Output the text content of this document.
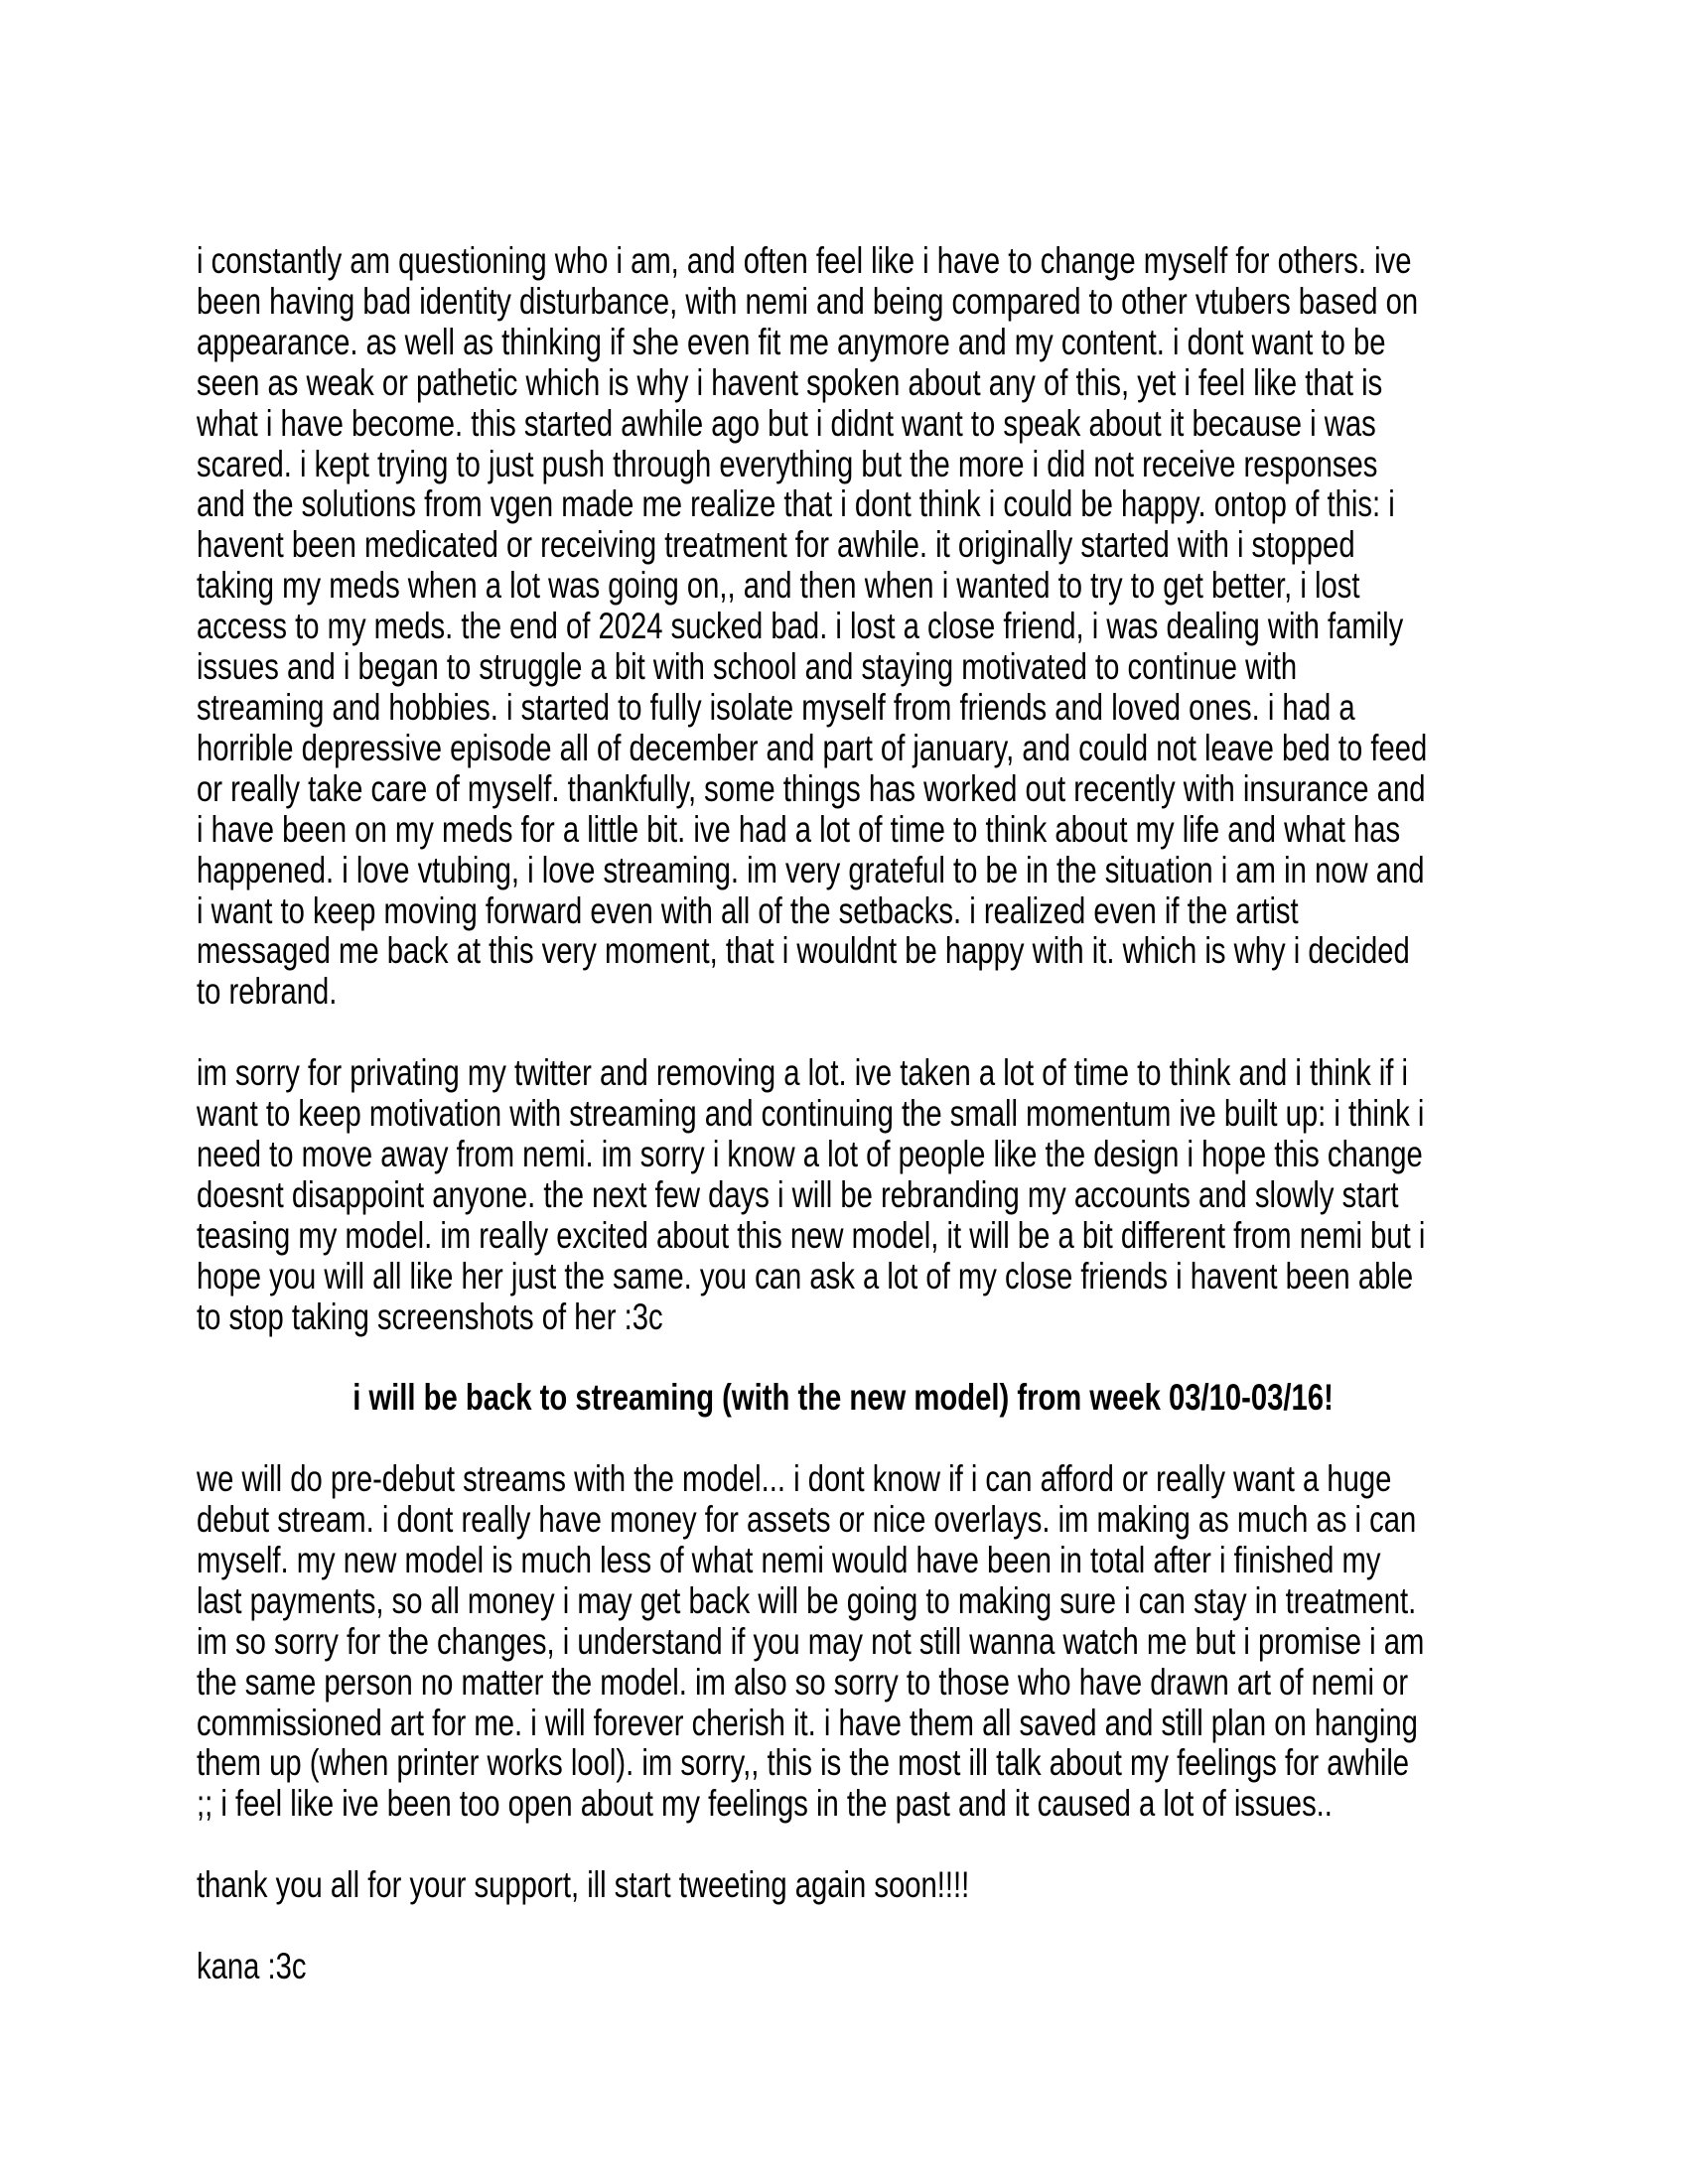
i constantly am questioning who i am, and often feel like i have to change myself for others. ive
been having bad identity disturbance, with nemi and being compared to other vtubers based on
appearance. as well as thinking if she even fit me anymore and my content. i dont want to be
seen as weak or pathetic which is why i havent spoken about any of this, yet i feel like that is
what i have become. this started awhile ago but i didnt want to speak about it because i was
scared. i kept trying to just push through everything but the more i did not receive responses
and the solutions from vgen made me realize that i dont think i could be happy. ontop of this: i
havent been medicated or receiving treatment for awhile. it originally started with i stopped
taking my meds when a lot was going on,, and then when i wanted to try to get better, i lost
access to my meds. the end of 2024 sucked bad. i lost a close friend, i was dealing with family
issues and i began to struggle a bit with school and staying motivated to continue with
streaming and hobbies. i started to fully isolate myself from friends and loved ones. i had a
horrible depressive episode all of december and part of january, and could not leave bed to feed
or really take care of myself. thankfully, some things has worked out recently with insurance and
i have been on my meds for a little bit. ive had a lot of time to think about my life and what has
happened. i love vtubing, i love streaming. im very grateful to be in the situation i am in now and
i want to keep moving forward even with all of the setbacks. i realized even if the artist
messaged me back at this very moment, that i wouldnt be happy with it. which is why i decided
to rebrand.
im sorry for privating my twitter and removing a lot. ive taken a lot of time to think and i think if i
want to keep motivation with streaming and continuing the small momentum ive built up: i think i
need to move away from nemi. im sorry i know a lot of people like the design i hope this change
doesnt disappoint anyone. the next few days i will be rebranding my accounts and slowly start
teasing my model. im really excited about this new model, it will be a bit different from nemi but i
hope you will all like her just the same. you can ask a lot of my close friends i havent been able
to stop taking screenshots of her :3c
i will be back to streaming (with the new model) from week 03/10-03/16!
we will do pre-debut streams with the model... i dont know if i can afford or really want a huge
debut stream. i dont really have money for assets or nice overlays. im making as much as i can
myself. my new model is much less of what nemi would have been in total after i finished my
last payments, so all money i may get back will be going to making sure i can stay in treatment.
im so sorry for the changes, i understand if you may not still wanna watch me but i promise i am
the same person no matter the model. im also so sorry to those who have drawn art of nemi or
commissioned art for me. i will forever cherish it. i have them all saved and still plan on hanging
them up (when printer works lool). im sorry,, this is the most ill talk about my feelings for awhile
;; i feel like ive been too open about my feelings in the past and it caused a lot of issues..
thank you all for your support, ill start tweeting again soon!!!!
kana :3c
